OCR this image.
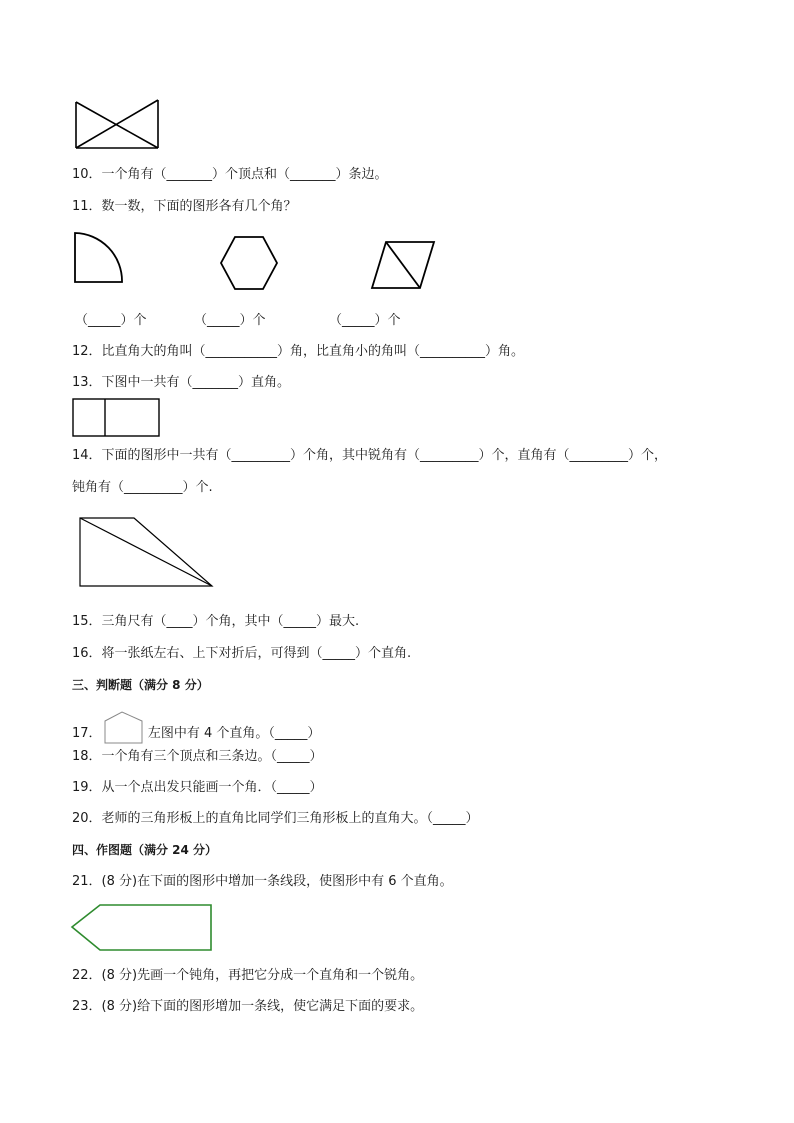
10．一个角有（_______）个顶点和（_______）条边。
11．数一数，下面的图形各有几个角？
（_____）个	（_____）个	（_____）个
12．比直角大的角叫（___________）角，比直角小的角叫（__________）角。
13．下图中一共有（_______）直角。
14．下面的图形中一共有（_________）个角，其中锐角有（_________）个，直角有（_________）个，
钝角有（_________）个.
15．三角尺有（____）个角，其中（_____）最大.
16．将一张纸左右、上下对折后，可得到（_____）个直角.
三、判断题（满分 8 分）
17．	左图中有 4 个直角。（_____）
18．一个角有三个顶点和三条边。（_____）
19．从一个点出发只能画一个角．（_____）
20．老师的三角形板上的直角比同学们三角形板上的直角大。（_____）
四、作图题（满分 24 分）
21．(8 分)在下面的图形中增加一条线段，使图形中有 6 个直角。
22．(8 分)先画一个钝角，再把它分成一个直角和一个锐角。
23．(8 分)给下面的图形增加一条线，使它满足下面的要求。
